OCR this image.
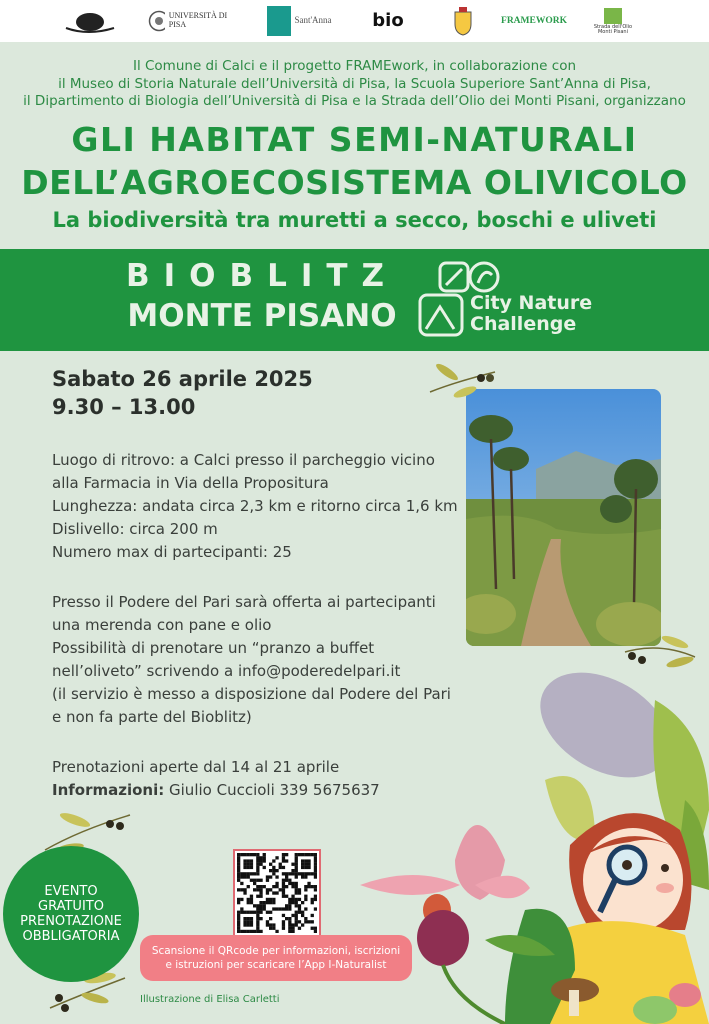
UNIVERSITÀ DI PISA	Sant'Anna bio	FRAMEWORK
Strada dell'Olio Monti Pisani
Il Comune di Calci e il progetto FRAMEwork, in collaborazione con
il Museo di Storia Naturale dell’Università di Pisa, la Scuola Superiore Sant’Anna di Pisa,
il Dipartimento di Biologia dell’Università di Pisa e la Strada dell’Olio dei Monti Pisani, organizzano
GLI HABITAT SEMI-NATURALI
DELL’AGROECOSISTEMA OLIVICOLO
La biodiversità tra muretti a secco, boschi e uliveti
BIOBLITZ
MONTE PISANO	City Nature
Challenge
Sabato 26 aprile 2025
9.30 – 13.00
Luogo di ritrovo: a Calci presso il parcheggio vicino
alla Farmacia in Via della Propositura
Lunghezza: andata circa 2,3 km e ritorno circa 1,6 km
Dislivello: circa 200 m
Numero max di partecipanti: 25
Presso il Podere del Pari sarà offerta ai partecipanti
una merenda con pane e olio
Possibilità di prenotare un “pranzo a buffet
nell’oliveto” scrivendo a info@poderedelpari.it
(il servizio è messo a disposizione dal Podere del Pari
e non fa parte del Bioblitz)
Prenotazioni aperte dal 14 al 21 aprile
Informazioni: Giulio Cuccioli 339 5675637
EVENTO
GRATUITO
PRENOTAZIONE
OBBLIGATORIA
Scansione il QRcode per informazioni, iscrizioni
e istruzioni per scaricare l’App I-Naturalist
Illustrazione di Elisa Carletti
